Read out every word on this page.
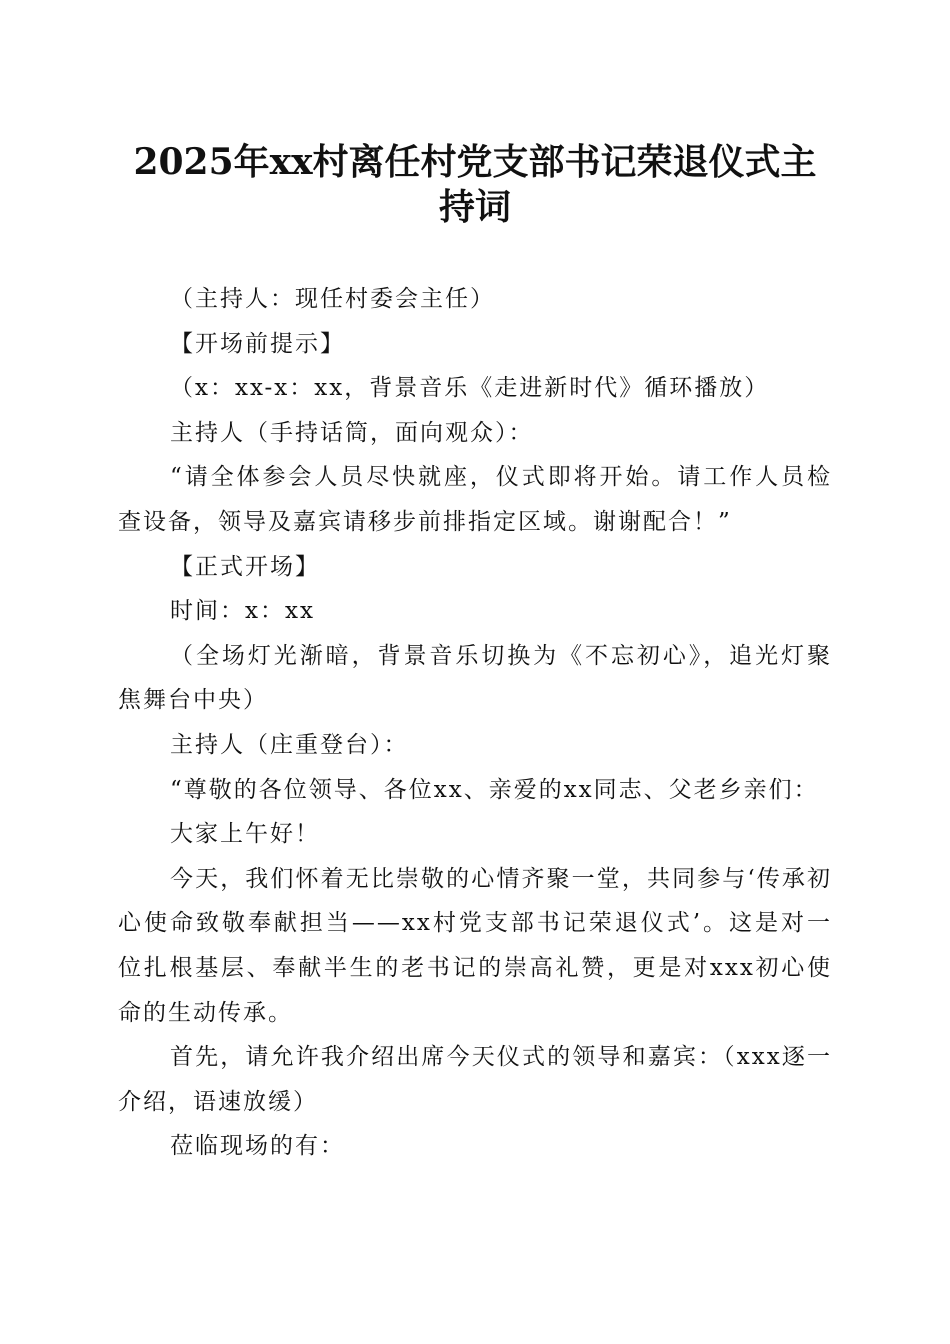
2025年xx村离任村党支部书记荣退仪式主持词

（主持人：现任村委会主任）

【开场前提示】

（x：xx-x：xx，背景音乐《走进新时代》循环播放）

主持人（手持话筒，面向观众）：

“请全体参会人员尽快就座，仪式即将开始。请工作人员检查设备，领导及嘉宾请移步前排指定区域。谢谢配合！”

【正式开场】

时间：x：xx

（全场灯光渐暗，背景音乐切换为《不忘初心》，追光灯聚焦舞台中央）

主持人（庄重登台）：

“尊敬的各位领导、各位xx、亲爱的xx同志、父老乡亲们：

大家上午好！

今天，我们怀着无比崇敬的心情齐聚一堂，共同参与‘传承初心使命致敬奉献担当——xx村党支部书记荣退仪式’。这是对一位扎根基层、奉献半生的老书记的崇高礼赞，更是对xxx初心使命的生动传承。

首先，请允许我介绍出席今天仪式的领导和嘉宾：（xxx逐一介绍，语速放缓）

莅临现场的有：
